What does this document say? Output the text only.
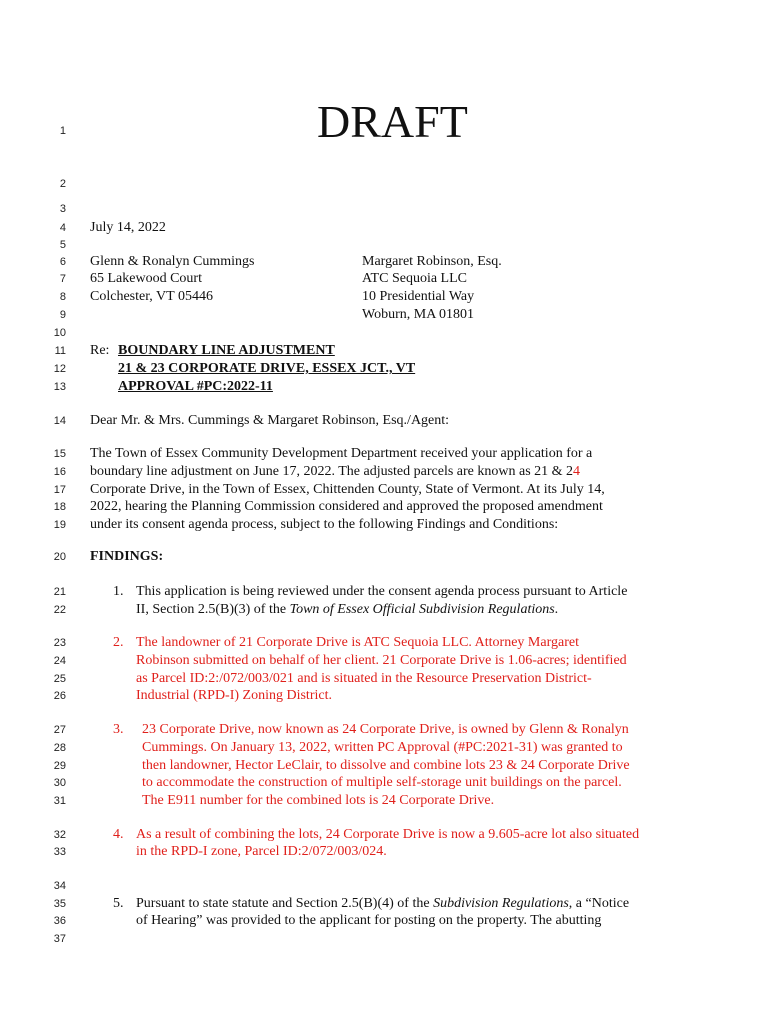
DRAFT
1
2
3
4
5
6
7
8
9
10
11
12
13
14
15
16
17
18
19
20
21
22
23
24
25
26
27
28
29
30
31
32
33
34
35
36
37
July 14, 2022
Glenn & Ronalyn Cummings
65 Lakewood Court
Colchester, VT 05446
Margaret Robinson, Esq.
ATC Sequoia LLC
10 Presidential Way
Woburn, MA 01801
Re: BOUNDARY LINE ADJUSTMENT
21 & 23 CORPORATE DRIVE, ESSEX JCT., VT
APPROVAL #PC:2022-11
Dear Mr. & Mrs. Cummings & Margaret Robinson, Esq./Agent:
The Town of Essex Community Development Department received your application for a
boundary line adjustment on June 17, 2022. The adjusted parcels are known as 21 & 24
Corporate Drive, in the Town of Essex, Chittenden County, State of Vermont. At its July 14,
2022, hearing the Planning Commission considered and approved the proposed amendment
under its consent agenda process, subject to the following Findings and Conditions:
FINDINGS:
1. This application is being reviewed under the consent agenda process pursuant to Article
II, Section 2.5(B)(3) of the Town of Essex Official Subdivision Regulations.
2. The landowner of 21 Corporate Drive is ATC Sequoia LLC. Attorney Margaret
Robinson submitted on behalf of her client. 21 Corporate Drive is 1.06-acres; identified
as Parcel ID:2:/072/003/021 and is situated in the Resource Preservation District-
Industrial (RPD-I) Zoning District.
3. 23 Corporate Drive, now known as 24 Corporate Drive, is owned by Glenn & Ronalyn
Cummings. On January 13, 2022, written PC Approval (#PC:2021-31) was granted to
then landowner, Hector LeClair, to dissolve and combine lots 23 & 24 Corporate Drive
to accommodate the construction of multiple self-storage unit buildings on the parcel.
The E911 number for the combined lots is 24 Corporate Drive.
4. As a result of combining the lots, 24 Corporate Drive is now a 9.605-acre lot also situated
in the RPD-I zone, Parcel ID:2/072/003/024.
5. Pursuant to state statute and Section 2.5(B)(4) of the Subdivision Regulations, a “Notice
of Hearing” was provided to the applicant for posting on the property. The abutting
